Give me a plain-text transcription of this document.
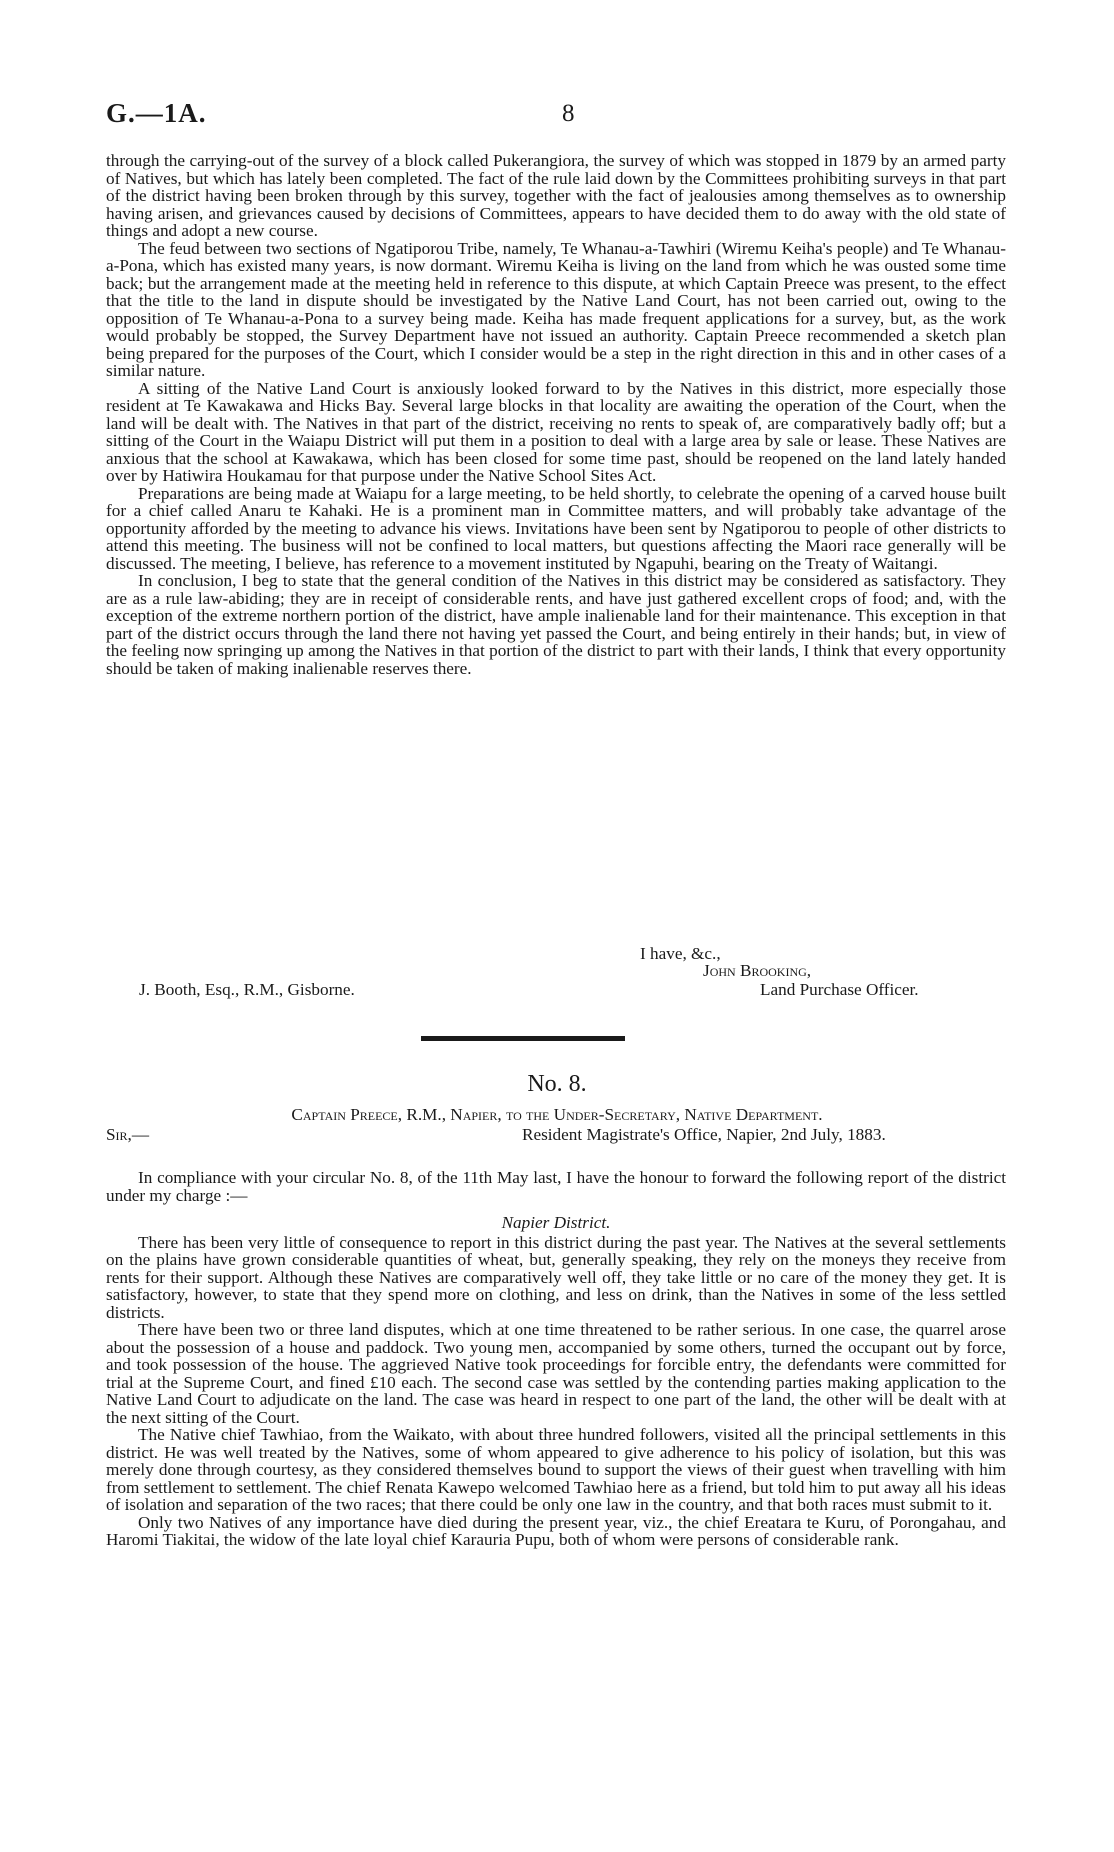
G.—1A.	8

through the carrying-out of the survey of a block called Pukerangiora, the survey of which was stopped in 1879 by an armed party of Natives, but which has lately been completed. The fact of the rule laid down by the Committees prohibiting surveys in that part of the district having been broken through by this survey, together with the fact of jealousies among themselves as to ownership having arisen, and grievances caused by decisions of Committees, appears to have decided them to do away with the old state of things and adopt a new course.

The feud between two sections of Ngatiporou Tribe, namely, Te Whanau-a-Tawhiri (Wiremu Keiha's people) and Te Whanau-a-Pona, which has existed many years, is now dormant. Wiremu Keiha is living on the land from which he was ousted some time back; but the arrangement made at the meeting held in reference to this dispute, at which Captain Preece was present, to the effect that the title to the land in dispute should be investigated by the Native Land Court, has not been carried out, owing to the opposition of Te Whanau-a-Pona to a survey being made. Keiha has made frequent applications for a survey, but, as the work would probably be stopped, the Survey Department have not issued an authority. Captain Preece recommended a sketch plan being prepared for the purposes of the Court, which I consider would be a step in the right direction in this and in other cases of a similar nature.

A sitting of the Native Land Court is anxiously looked forward to by the Natives in this district, more especially those resident at Te Kawakawa and Hicks Bay. Several large blocks in that locality are awaiting the operation of the Court, when the land will be dealt with. The Natives in that part of the district, receiving no rents to speak of, are comparatively badly off; but a sitting of the Court in the Waiapu District will put them in a position to deal with a large area by sale or lease. These Natives are anxious that the school at Kawakawa, which has been closed for some time past, should be reopened on the land lately handed over by Hatiwira Houkamau for that purpose under the Native School Sites Act.

Preparations are being made at Waiapu for a large meeting, to be held shortly, to celebrate the opening of a carved house built for a chief called Anaru te Kahaki. He is a prominent man in Committee matters, and will probably take advantage of the opportunity afforded by the meeting to advance his views. Invitations have been sent by Ngatiporou to people of other districts to attend this meeting. The business will not be confined to local matters, but questions affecting the Maori race generally will be discussed. The meeting, I believe, has reference to a movement instituted by Ngapuhi, bearing on the Treaty of Waitangi.

In conclusion, I beg to state that the general condition of the Natives in this district may be considered as satisfactory. They are as a rule law-abiding; they are in receipt of considerable rents, and have just gathered excellent crops of food; and, with the exception of the extreme northern portion of the district, have ample inalienable land for their maintenance. This exception in that part of the district occurs through the land there not having yet passed the Court, and being entirely in their hands; but, in view of the feeling now springing up among the Natives in that portion of the district to part with their lands, I think that every opportunity should be taken of making inalienable reserves there.

I have, &c.,
John Brooking,
J. Booth, Esq., R.M., Gisborne.	Land Purchase Officer.
No. 8.
Captain Preece, R.M., Napier, to the Under-Secretary, Native Department.
Sir,—	Resident Magistrate's Office, Napier, 2nd July, 1883.

In compliance with your circular No. 8, of the 11th May last, I have the honour to forward the following report of the district under my charge :—

Napier District.

There has been very little of consequence to report in this district during the past year. The Natives at the several settlements on the plains have grown considerable quantities of wheat, but, generally speaking, they rely on the moneys they receive from rents for their support. Although these Natives are comparatively well off, they take little or no care of the money they get. It is satisfactory, however, to state that they spend more on clothing, and less on drink, than the Natives in some of the less settled districts.

There have been two or three land disputes, which at one time threatened to be rather serious. In one case, the quarrel arose about the possession of a house and paddock. Two young men, accompanied by some others, turned the occupant out by force, and took possession of the house. The aggrieved Native took proceedings for forcible entry, the defendants were committed for trial at the Supreme Court, and fined £10 each. The second case was settled by the contending parties making application to the Native Land Court to adjudicate on the land. The case was heard in respect to one part of the land, the other will be dealt with at the next sitting of the Court.

The Native chief Tawhiao, from the Waikato, with about three hundred followers, visited all the principal settlements in this district. He was well treated by the Natives, some of whom appeared to give adherence to his policy of isolation, but this was merely done through courtesy, as they considered themselves bound to support the views of their guest when travelling with him from settlement to settlement. The chief Renata Kawepo welcomed Tawhiao here as a friend, but told him to put away all his ideas of isolation and separation of the two races; that there could be only one law in the country, and that both races must submit to it.

Only two Natives of any importance have died during the present year, viz., the chief Ereatara te Kuru, of Porongahau, and Haromi Tiakitai, the widow of the late loyal chief Karauria Pupu, both of whom were persons of considerable rank.
